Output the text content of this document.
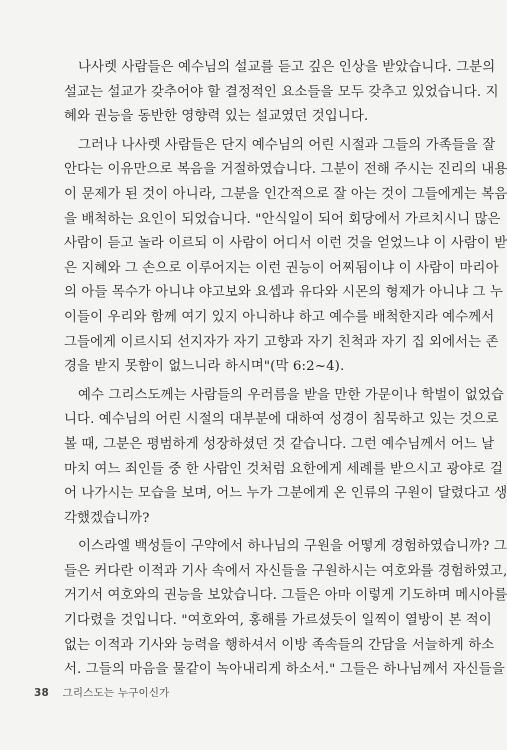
나사렛 사람들은 예수님의 설교를 듣고 깊은 인상을 받았습니다. 그분의
설교는 설교가 갖추어야 할 결정적인 요소들을 모두 갖추고 있었습니다. 지
혜와 권능을 동반한 영향력 있는 설교였던 것입니다.
그러나 나사렛 사람들은 단지 예수님의 어린 시절과 그들의 가족들을 잘
안다는 이유만으로 복음을 거절하였습니다. 그분이 전해 주시는 진리의 내용
이 문제가 된 것이 아니라, 그분을 인간적으로 잘 아는 것이 그들에게는 복음
을 배척하는 요인이 되었습니다. "안식일이 되어 회당에서 가르치시니 많은
사람이 듣고 놀라 이르되 이 사람이 어디서 이런 것을 얻었느냐 이 사람이 받
은 지혜와 그 손으로 이루어지는 이런 권능이 어찌됨이냐 이 사람이 마리아
의 아들 목수가 아니냐 야고보와 요셉과 유다와 시몬의 형제가 아니냐 그 누
이들이 우리와 함께 여기 있지 아니하냐 하고 예수를 배척한지라 예수께서
그들에게 이르시되 선지자가 자기 고향과 자기 친척과 자기 집 외에서는 존
경을 받지 못함이 없느니라 하시며"(막 6:2~4).
예수 그리스도께는 사람들의 우러름을 받을 만한 가문이나 학벌이 없었습
니다. 예수님의 어린 시절의 대부분에 대하여 성경이 침묵하고 있는 것으로
볼 때, 그분은 평범하게 성장하셨던 것 같습니다. 그런 예수님께서 어느 날
마치 여느 죄인들 중 한 사람인 것처럼 요한에게 세례를 받으시고 광야로 걸
어 나가시는 모습을 보며, 어느 누가 그분에게 온 인류의 구원이 달렸다고 생
각했겠습니까?
이스라엘 백성들이 구약에서 하나님의 구원을 어떻게 경험하였습니까? 그
들은 커다란 이적과 기사 속에서 자신들을 구원하시는 여호와를 경험하였고,
거기서 여호와의 권능을 보았습니다. 그들은 아마 이렇게 기도하며 메시아를
기다렸을 것입니다. "여호와여, 홍해를 가르셨듯이 일찍이 열방이 본 적이
없는 이적과 기사와 능력을 행하셔서 이방 족속들의 간담을 서늘하게 하소
서. 그들의 마음을 물같이 녹아내리게 하소서." 그들은 하나님께서 자신들을
38 그리스도는 누구이신가
